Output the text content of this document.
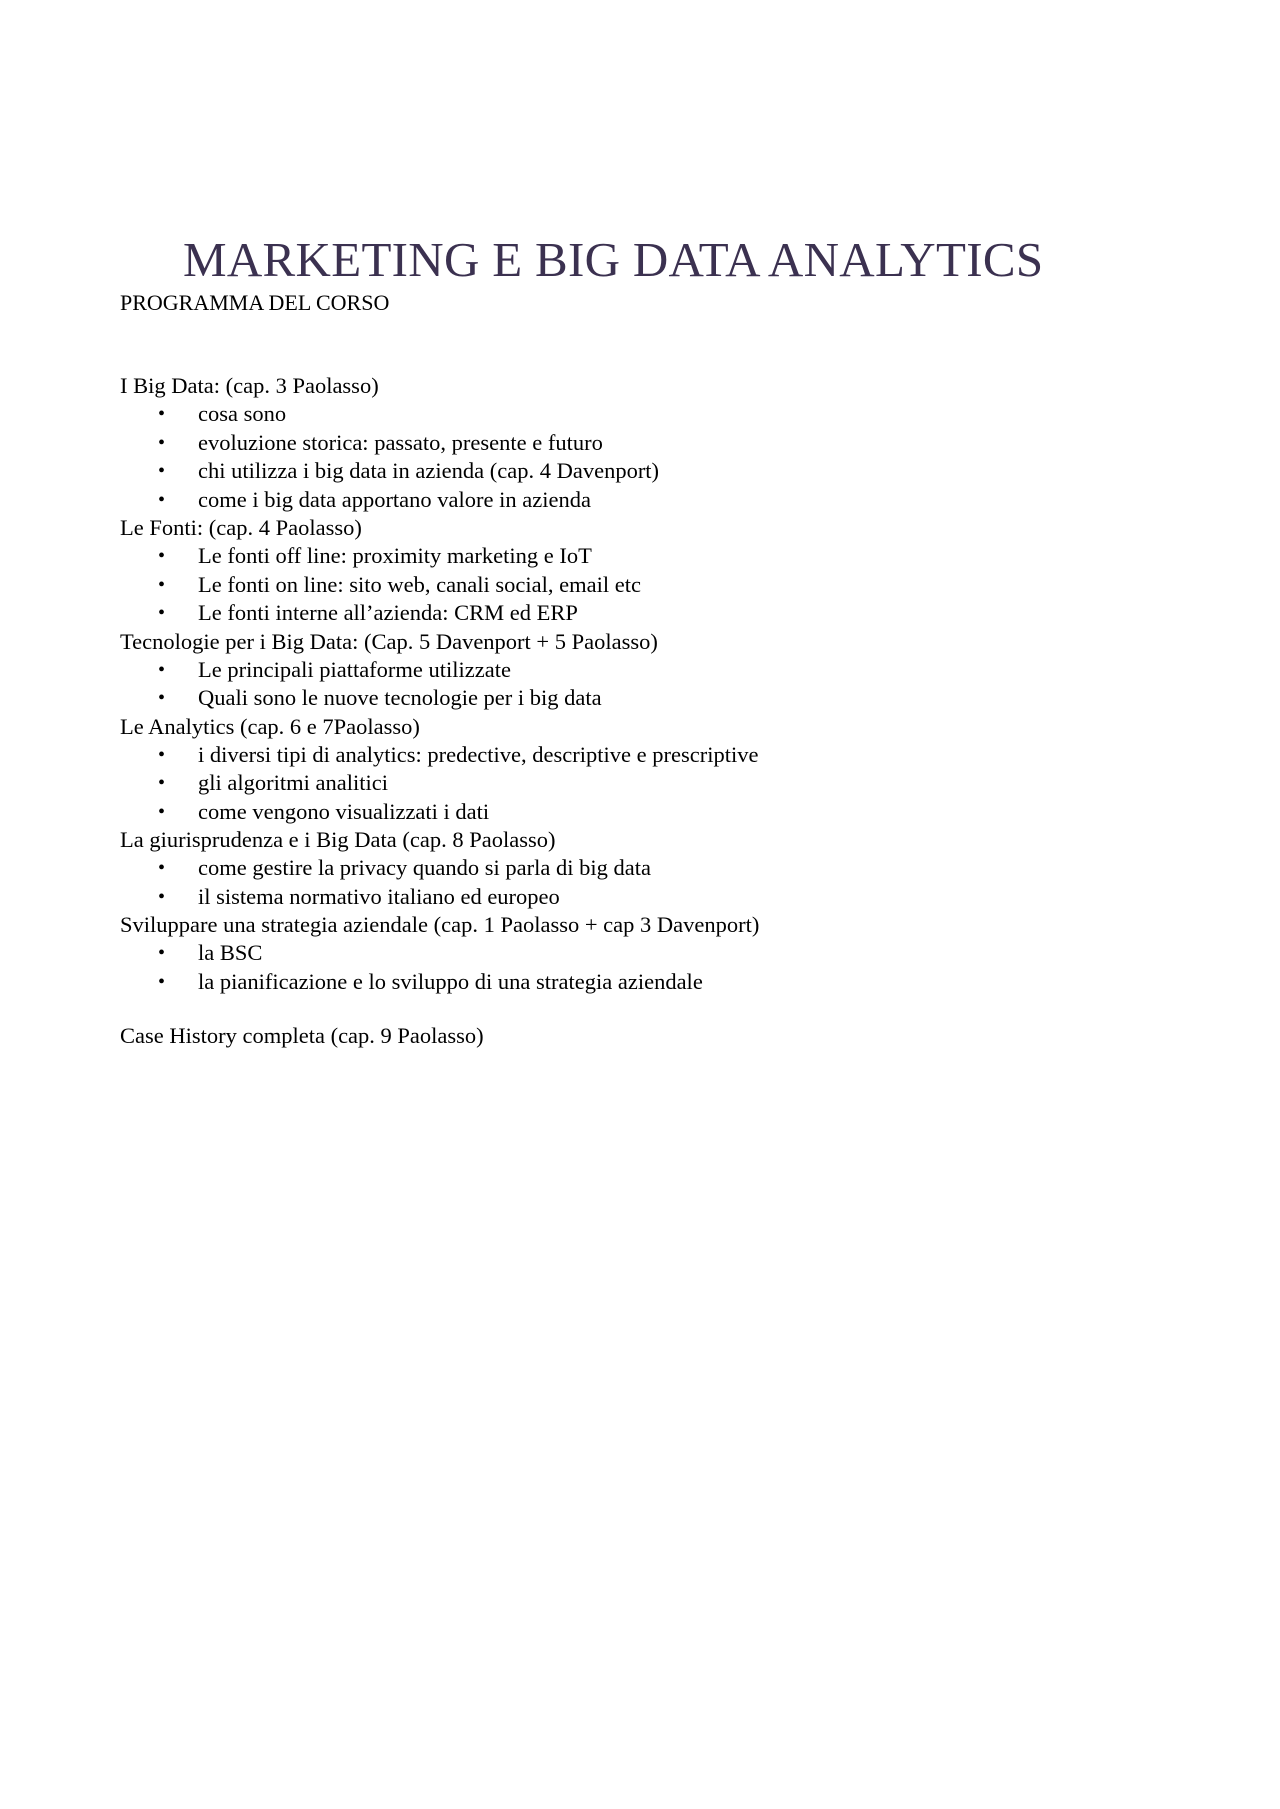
MARKETING E BIG DATA ANALYTICS

PROGRAMMA DEL CORSO

I Big Data: (cap. 3 Paolasso)

• cosa sono
• evoluzione storica: passato, presente e futuro
• chi utilizza i big data in azienda (cap. 4 Davenport)
• come i big data apportano valore in azienda

Le Fonti: (cap. 4 Paolasso)

• Le fonti off line: proximity marketing e IoT
• Le fonti on line: sito web, canali social, email etc
• Le fonti interne all’azienda: CRM ed ERP

Tecnologie per i Big Data: (Cap. 5 Davenport + 5 Paolasso)

• Le principali piattaforme utilizzate
• Quali sono le nuove tecnologie per i big data

Le Analytics (cap. 6 e 7Paolasso)

• i diversi tipi di analytics: predective, descriptive e prescriptive
• gli algoritmi analitici
• come vengono visualizzati i dati

La giurisprudenza e i Big Data (cap. 8 Paolasso)

• come gestire la privacy quando si parla di big data
• il sistema normativo italiano ed europeo

Sviluppare una strategia aziendale (cap. 1 Paolasso + cap 3 Davenport)

• la BSC
• la pianificazione e lo sviluppo di una strategia aziendale

Case History completa (cap. 9 Paolasso)
